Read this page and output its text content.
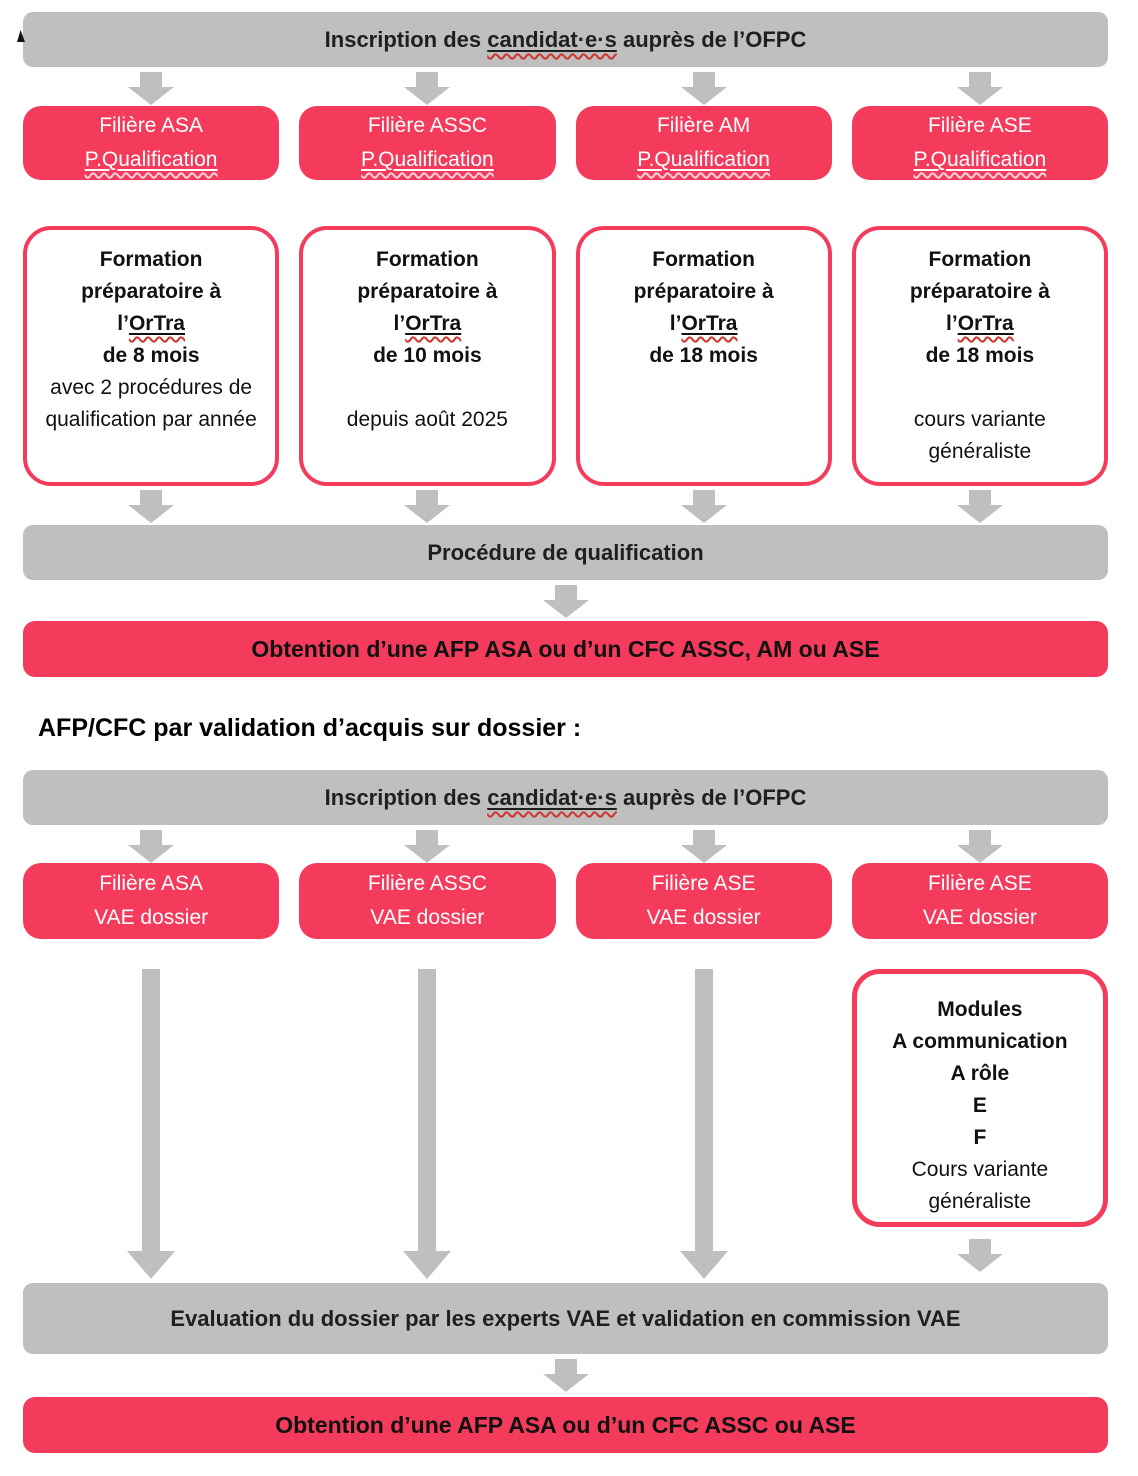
Inscription des candidat·e·s auprès de l’OFPC
Filière ASA
P.Qualification
Filière ASSC
P.Qualification
Filière AM
P.Qualification
Filière ASE
P.Qualification
Formation
préparatoire à
l’OrTra
de 8 mois
avec 2 procédures de qualification par année
Formation
préparatoire à
l’OrTra
de 10 mois
depuis août 2025
Formation
préparatoire à
l’OrTra
de 18 mois
Formation
préparatoire à
l’OrTra
de 18 mois
cours variante généraliste
Procédure de qualification
Obtention d’une AFP ASA ou d’un CFC ASSC, AM ou ASE
AFP/CFC par validation d’acquis sur dossier :
Inscription des candidat·e·s auprès de l’OFPC
Filière ASA
VAE dossier
Filière ASSC
VAE dossier
Filière ASE
VAE dossier
Filière ASE
VAE dossier
Modules
A communication
A rôle
E
F
Cours variante généraliste
Evaluation du dossier par les experts VAE et validation en commission VAE
Obtention d’une AFP ASA ou d’un CFC ASSC ou ASE
